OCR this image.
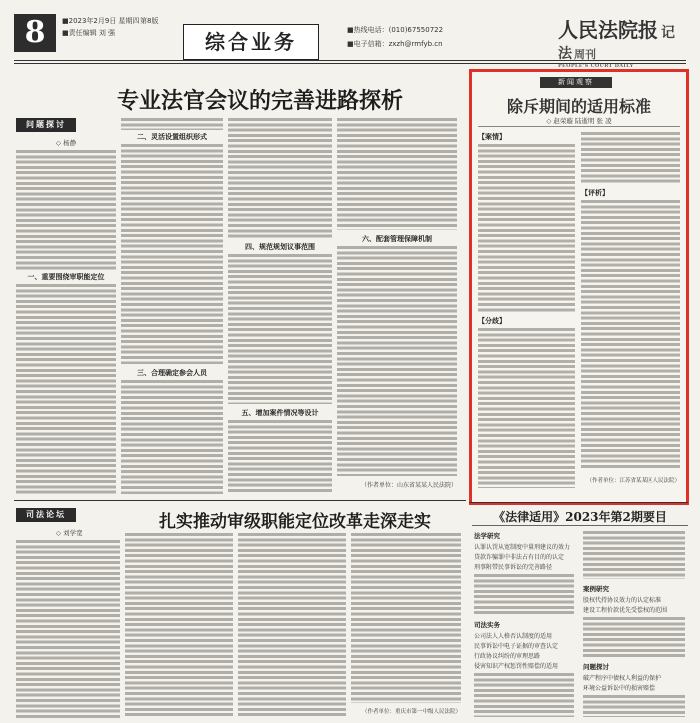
8	■2023年2月9日 星期四
■责任编辑 刘 强
第8版
综合业务	■热线电话：(010)67550722
■电子信箱：zxzh@rmfyb.cn
人民法院报 记法 周刊
PEOPLE'S COURT DAILY
专业法官会议的完善进路探析
问题探讨
◇ 杨静
一、重要围绕审职能定位
二、灵活设置组织形式
三、合理确定参会人员
四、规范规划议事范围
五、增加案件情况等设计
六、配套管理保障机制
（作者单位：山东省某某人民法院）
新闻观察
除斥期间的适用标准
◇ 赵荣璇 陆逝明 张 凌
【案情】
【分歧】
【评析】
（作者单位：江苏省某某区人民法院）
司法论坛	扎实推动审级职能定位改革走深走实
◇ 刘学宽
（作者单位：重庆市第一中级人民法院）
《法律适用》2023年第2期要目
法学研究
认罪认罚从宽制度中量刑建议的效力
贷款诈骗罪中非法占有目的的认定
刑事附带民事诉讼的完善路径
司法实务
公司法人人格否认制度的适用
民事诉讼中电子证据的审查认定
行政协议纠纷的审理思路
侵害知识产权惩罚性赔偿的适用
案例研究
股权代持协议效力的认定标准
建设工程价款优先受偿权的范围
问题探讨
破产程序中债权人利益的保护
环境公益诉讼中的损害赔偿
